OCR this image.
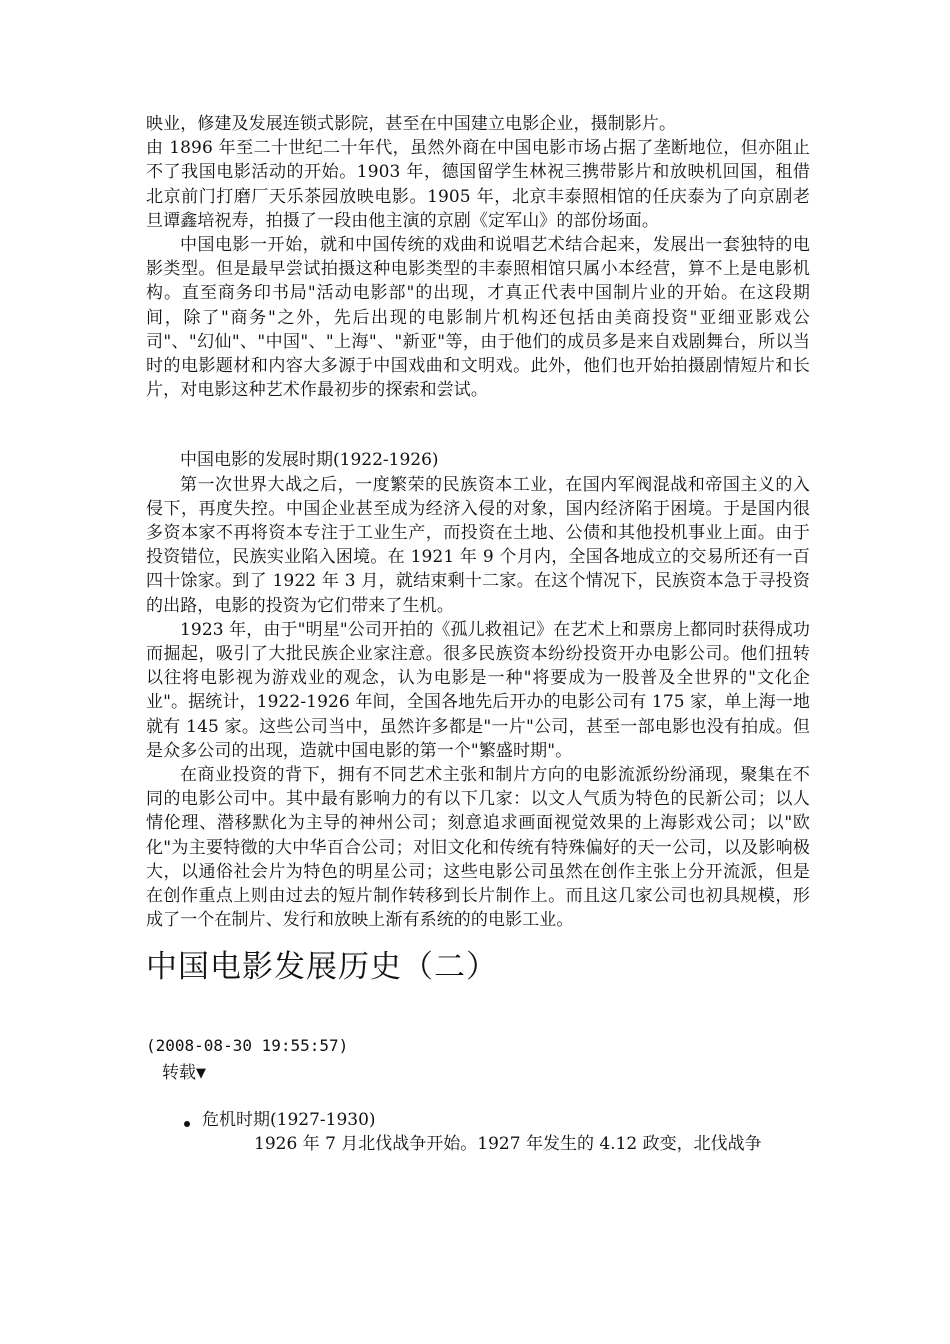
映业，修建及发展连锁式影院，甚至在中国建立电影企业，摄制影片。

由 1896 年至二十世纪二十年代，虽然外商在中国电影市场占据了垄断地位，但亦阻止不了我国电影活动的开始。1903 年，德国留学生林祝三携带影片和放映机回国，租借北京前门打磨厂天乐茶园放映电影。1905 年，北京丰泰照相馆的任庆泰为了向京剧老旦谭鑫培祝寿，拍摄了一段由他主演的京剧《定军山》的部份场面。

中国电影一开始，就和中国传统的戏曲和说唱艺术结合起来，发展出一套独特的电影类型。但是最早尝试拍摄这种电影类型的丰泰照相馆只属小本经营，算不上是电影机构。直至商务印书局"活动电影部"的出现，才真正代表中国制片业的开始。在这段期间，除了"商务"之外，先后出现的电影制片机构还包括由美商投资"亚细亚影戏公司"、"幻仙"、"中国"、"上海"、"新亚"等，由于他们的成员多是来自戏剧舞台，所以当时的电影题材和内容大多源于中国戏曲和文明戏。此外，他们也开始拍摄剧情短片和长片，对电影这种艺术作最初步的探索和尝试。

中国电影的发展时期(1922-1926)

第一次世界大战之后，一度繁荣的民族资本工业，在国内军阀混战和帝国主义的入侵下，再度失控。中国企业甚至成为经济入侵的对象，国内经济陷于困境。于是国内很多资本家不再将资本专注于工业生产，而投资在土地、公债和其他投机事业上面。由于投资错位，民族实业陷入困境。在 1921 年 9 个月内，全国各地成立的交易所还有一百四十馀家。到了 1922 年 3 月，就结束剩十二家。在这个情况下，民族资本急于寻投资的出路，电影的投资为它们带来了生机。

1923 年，由于"明星"公司开拍的《孤儿救祖记》在艺术上和票房上都同时获得成功而掘起，吸引了大批民族企业家注意。很多民族资本纷纷投资开办电影公司。他们扭转以往将电影视为游戏业的观念，认为电影是一种"将要成为一股普及全世界的"文化企业"。据统计，1922-1926 年间，全国各地先后开办的电影公司有 175 家，单上海一地就有 145 家。这些公司当中，虽然许多都是"一片"公司，甚至一部电影也没有拍成。但是众多公司的出现，造就中国电影的第一个"繁盛时期"。

在商业投资的背下，拥有不同艺术主张和制片方向的电影流派纷纷涌现，聚集在不同的电影公司中。其中最有影响力的有以下几家：以文人气质为特色的民新公司；以人情伦理、潜移默化为主导的神州公司；刻意追求画面视觉效果的上海影戏公司；以"欧化"为主要特徵的大中华百合公司；对旧文化和传统有特殊偏好的天一公司，以及影响极大，以通俗社会片为特色的明星公司；这些电影公司虽然在创作主张上分开流派，但是在创作重点上则由过去的短片制作转移到长片制作上。而且这几家公司也初具规模，形成了一个在制片、发行和放映上渐有系统的的电影工业。

中国电影发展历史（二）
(2008-08-30 19:55:57)
转载▼
危机时期(1927-1930)
1926 年 7 月北伐战争开始。1927 年发生的 4.12 政变，北伐战争
